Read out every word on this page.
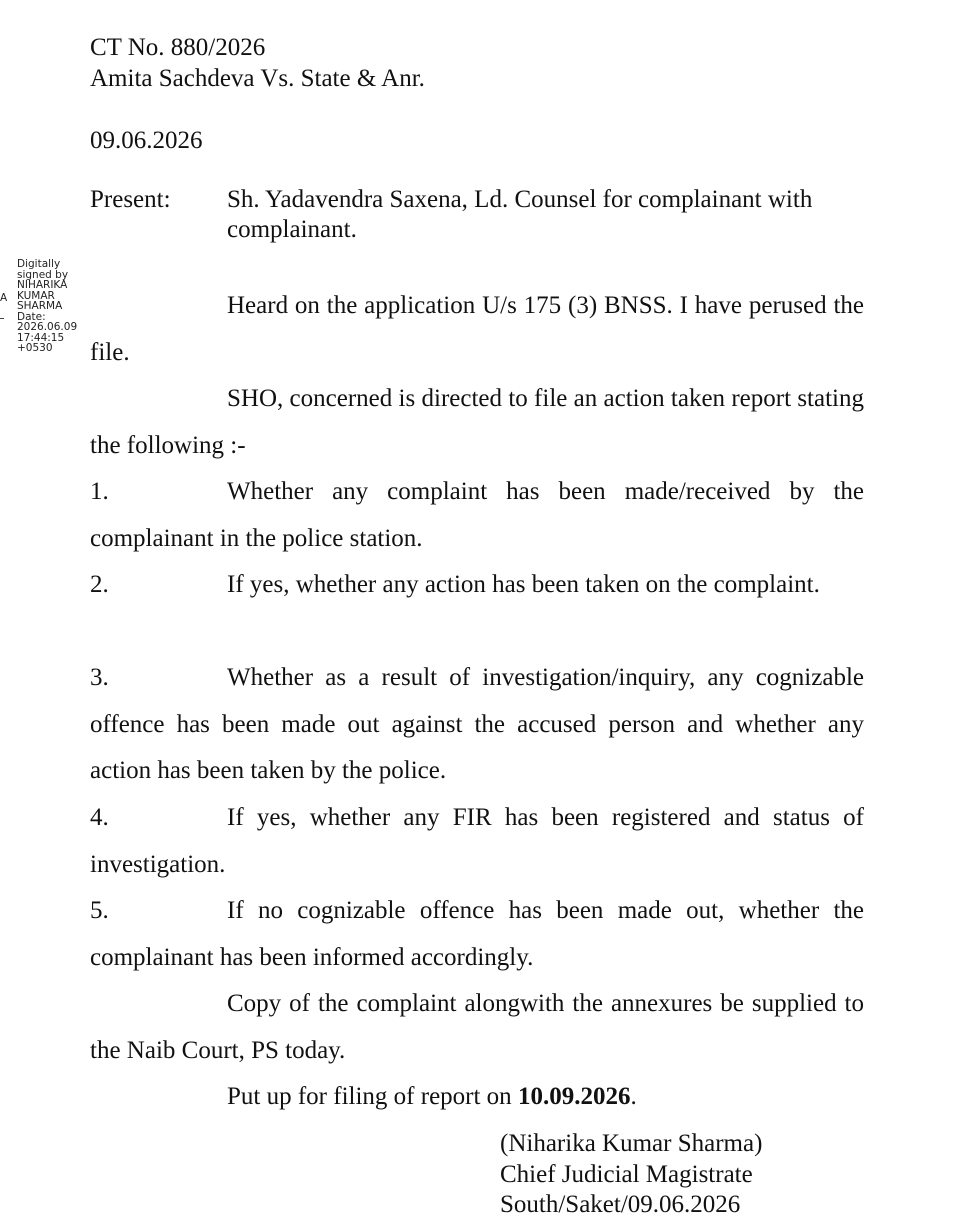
CT No. 880/2026
Amita Sachdeva Vs. State & Anr.
09.06.2026
Present: Sh. Yadavendra Saxena, Ld. Counsel for complainant with complainant.
Digitally
signed by
NIHARIKA
KUMAR
SHARMA
Date:
2026.06.09
17:44:15
+0530
A	Heard on the application U/s 175 (3) BNSS. I have perused the file.
SHO, concerned is directed to file an action taken report stating the following :-
1.	Whether any complaint has been made/received by the complainant in the police station.
2.	If yes, whether any action has been taken on the complaint.
3.	Whether as a result of investigation/inquiry, any cognizable offence has been made out against the accused person and whether any action has been taken by the police.
4.	If yes, whether any FIR has been registered and status of investigation.
5.	If no cognizable offence has been made out, whether the complainant has been informed accordingly.
Copy of the complaint alongwith the annexures be supplied to the Naib Court, PS today.
Put up for filing of report on 10.09.2026.
(Niharika Kumar Sharma)
Chief Judicial Magistrate
South/Saket/09.06.2026
